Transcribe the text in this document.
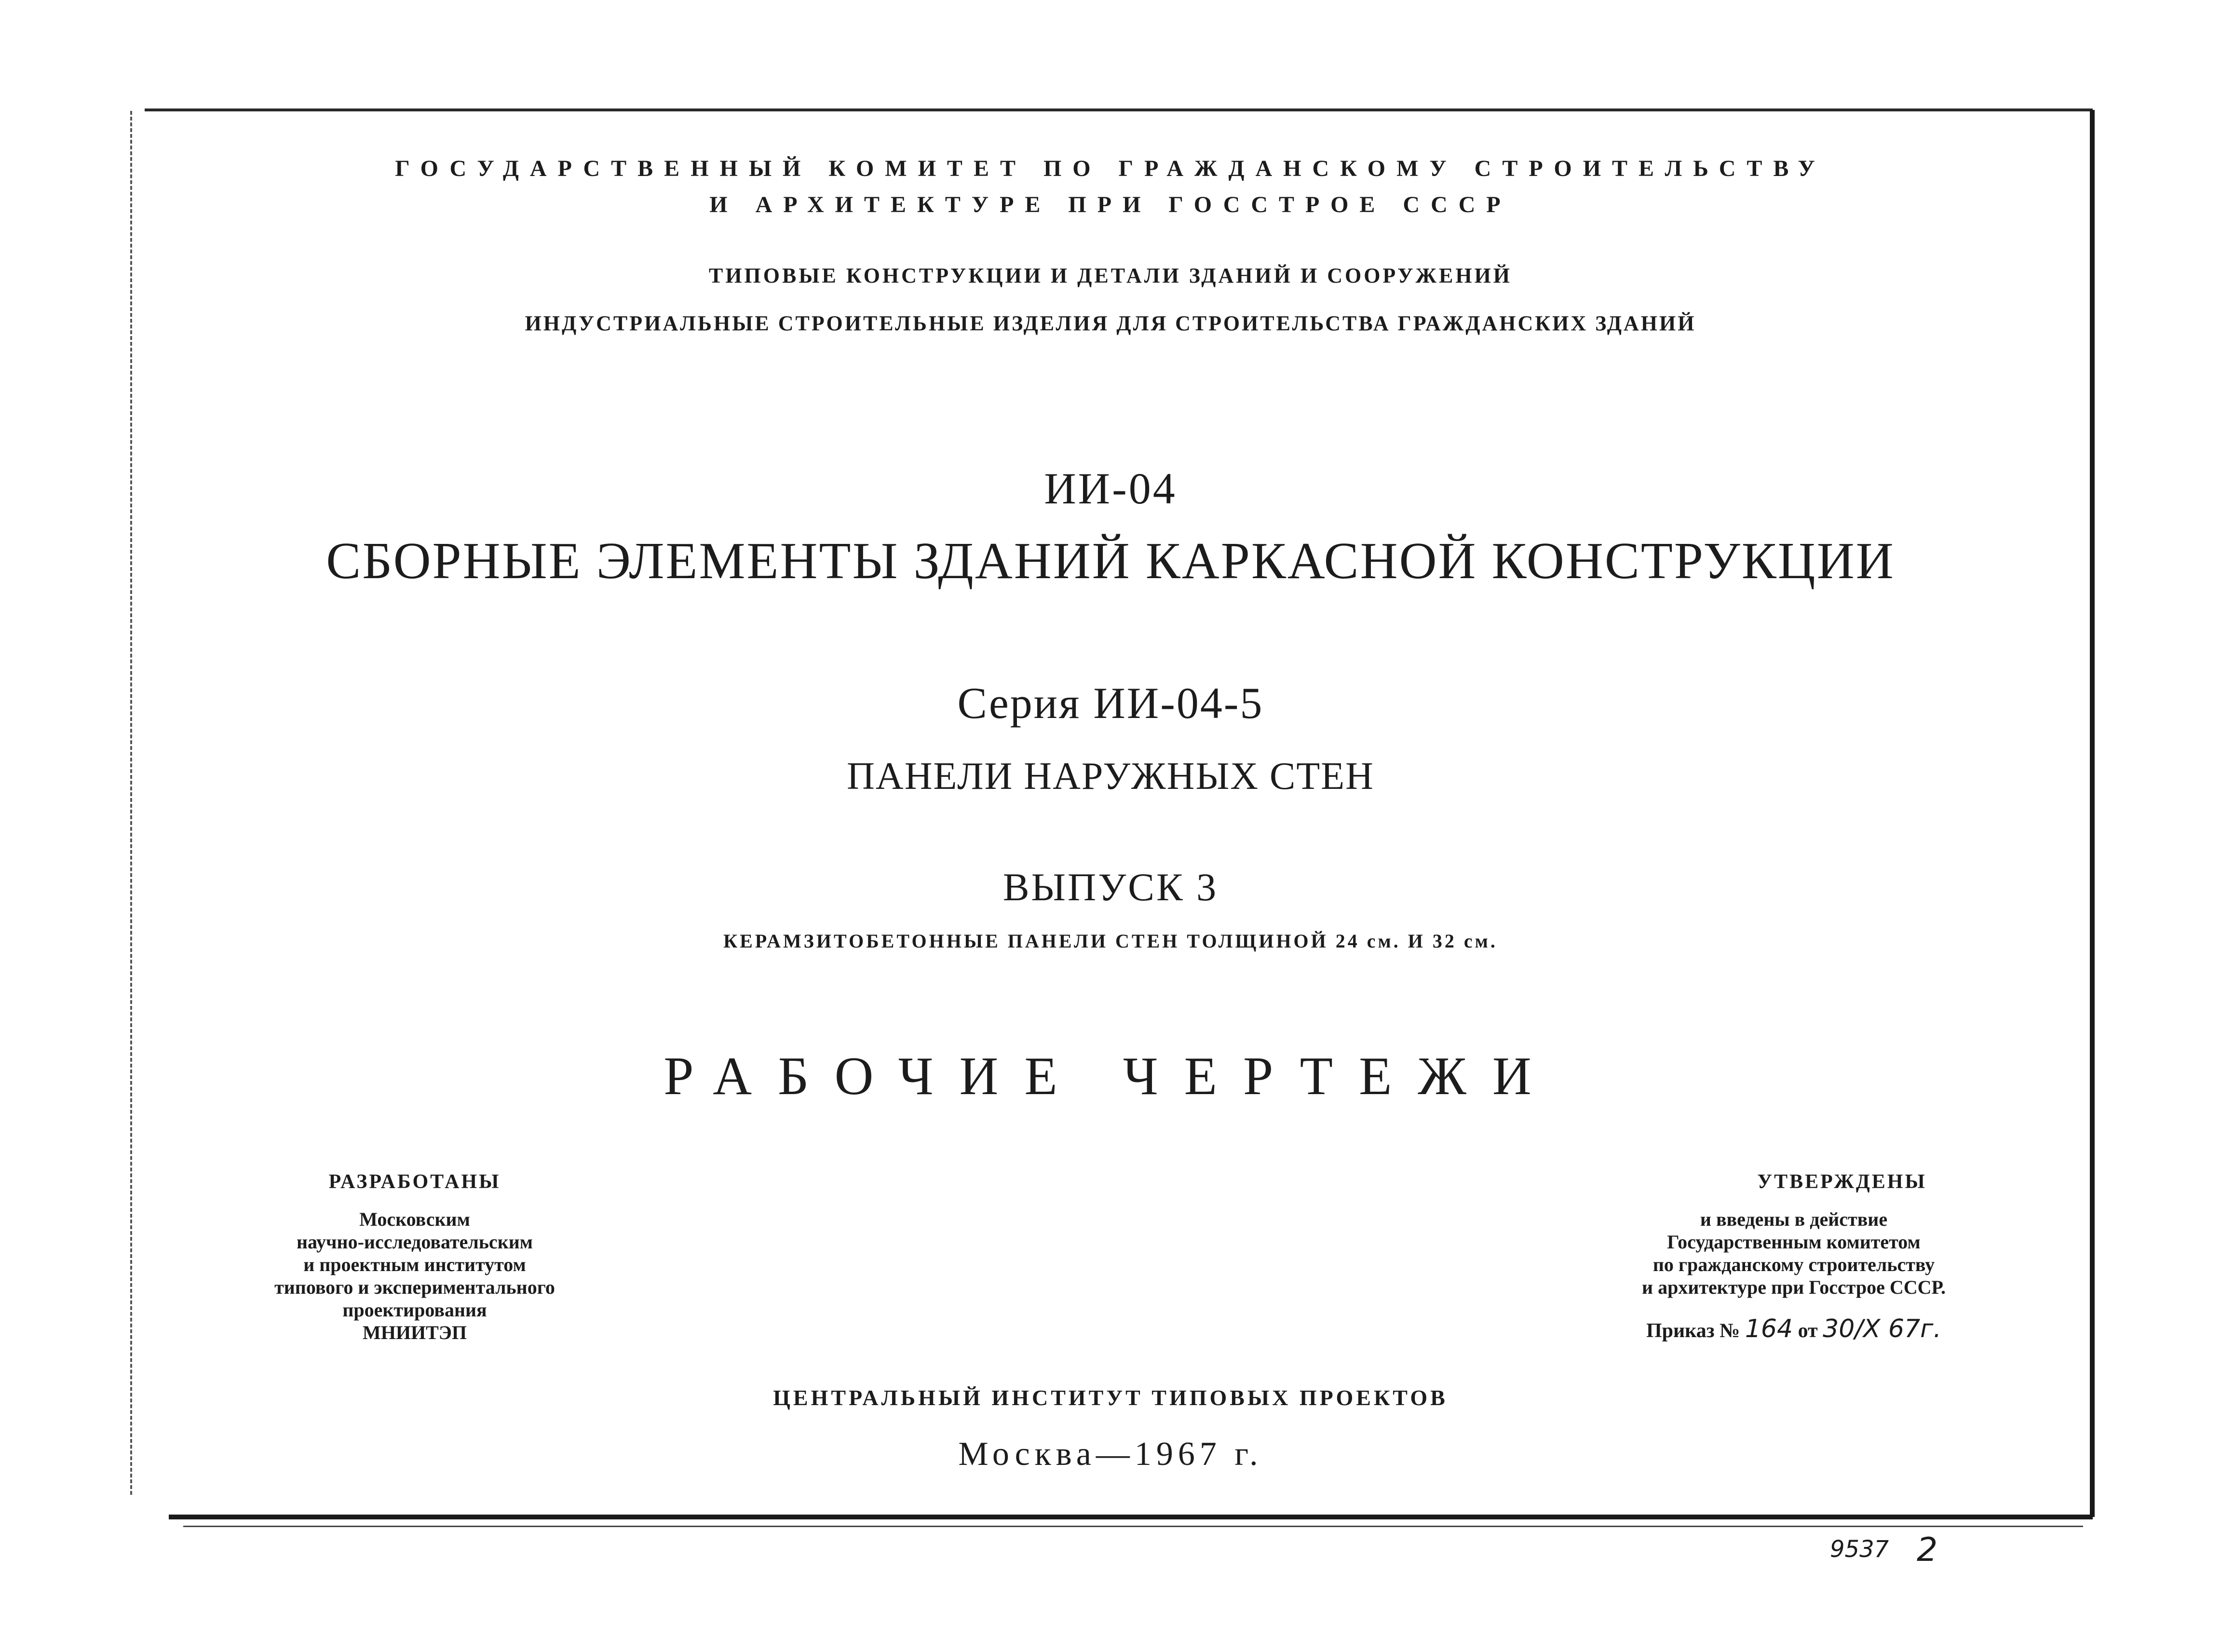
ГОСУДАРСТВЕННЫЙ КОМИТЕТ ПО ГРАЖДАНСКОМУ СТРОИТЕЛЬСТВУ
И АРХИТЕКТУРЕ ПРИ ГОССТРОЕ СССР
ТИПОВЫЕ КОНСТРУКЦИИ И ДЕТАЛИ ЗДАНИЙ И СООРУЖЕНИЙ
ИНДУСТРИАЛЬНЫЕ СТРОИТЕЛЬНЫЕ ИЗДЕЛИЯ ДЛЯ СТРОИТЕЛЬСТВА ГРАЖДАНСКИХ ЗДАНИЙ
ИИ-04
СБОРНЫЕ ЭЛЕМЕНТЫ ЗДАНИЙ КАРКАСНОЙ КОНСТРУКЦИИ
Серия ИИ-04-5
ПАНЕЛИ НАРУЖНЫХ СТЕН
ВЫПУСК 3
КЕРАМЗИТОБЕТОННЫЕ ПАНЕЛИ СТЕН ТОЛЩИНОЙ 24 см. И 32 см.
РАБОЧИЕ ЧЕРТЕЖИ
РАЗРАБОТАНЫ
Московским
научно-исследовательским
и проектным институтом
типового и экспериментального
проектирования
МНИИТЭП
УТВЕРЖДЕНЫ
и введены в действие
Государственным комитетом
по гражданскому строительству
и архитектуре при Госстрое СССР.
Приказ № 164 от 30/X 67г.
ЦЕНТРАЛЬНЫЙ ИНСТИТУТ ТИПОВЫХ ПРОЕКТОВ
Москва—1967 г.
9537 2
